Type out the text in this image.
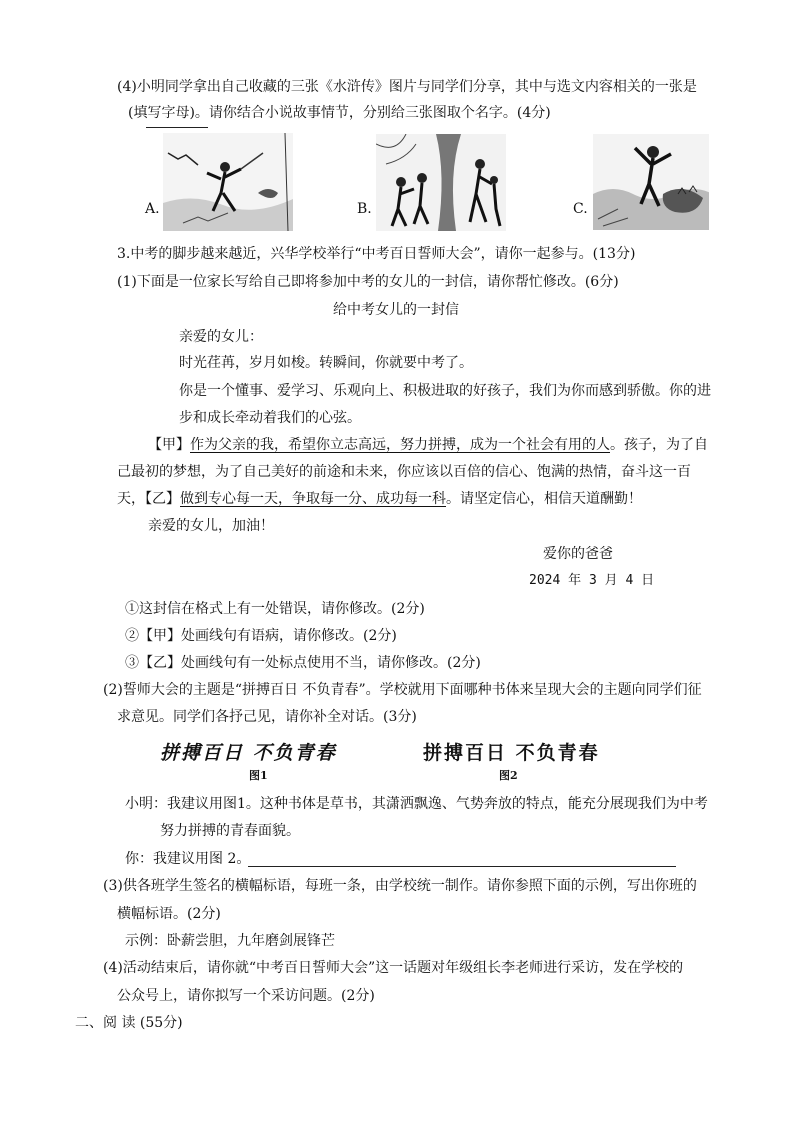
(4)小明同学拿出自己收藏的三张《水浒传》图片与同学们分享，其中与选文内容相关的一张是
(填写字母)。请你结合小说故事情节，分别给三张图取个名字。(4分)
A.	B.	C.
3.中考的脚步越来越近，兴华学校举行“中考百日誓师大会”，请你一起参与。(13分)
(1)下面是一位家长写给自己即将参加中考的女儿的一封信，请你帮忙修改。(6分)
给中考女儿的一封信
亲爱的女儿：
时光荏苒，岁月如梭。转瞬间，你就要中考了。
你是一个懂事、爱学习、乐观向上、积极进取的好孩子，我们为你而感到骄傲。你的进
步和成长牵动着我们的心弦。
【甲】作为父亲的我，希望你立志高远，努力拼搏，成为一个社会有用的人。孩子，为了自
己最初的梦想，为了自己美好的前途和未来，你应该以百倍的信心、饱满的热情，奋斗这一百
天，【乙】做到专心每一天，争取每一分、成功每一科。请坚定信心，相信天道酬勤！
亲爱的女儿，加油！
爱你的爸爸
2024 年 3 月 4 日
①这封信在格式上有一处错误，请你修改。(2分)
②【甲】处画线句有语病，请你修改。(2分)
③【乙】处画线句有一处标点使用不当，请你修改。(2分)
(2)誓师大会的主题是“拼搏百日 不负青春”。学校就用下面哪种书体来呈现大会的主题向同学们征
求意见。同学们各抒己见，请你补全对话。(3分)
拼搏百日 不负青春
图1
拼搏百日 不负青春
图2
小明：我建议用图1。这种书体是草书，其潇洒飘逸、气势奔放的特点，能充分展现我们为中考
努力拼搏的青春面貌。
你：我建议用图 2。
(3)供各班学生签名的横幅标语，每班一条，由学校统一制作。请你参照下面的示例，写出你班的
横幅标语。(2分)
示例：卧薪尝胆，九年磨剑展锋芒
(4)活动结束后，请你就“中考百日誓师大会”这一话题对年级组长李老师进行采访，发在学校的
公众号上，请你拟写一个采访问题。(2分)
二、阅 读 (55分)
